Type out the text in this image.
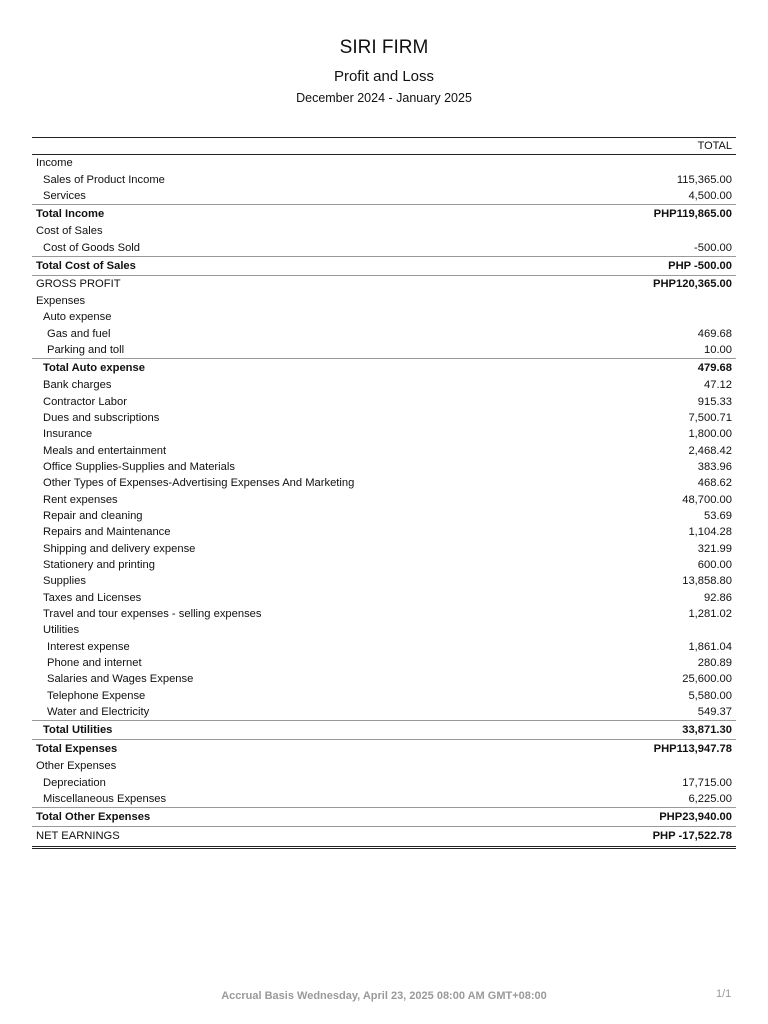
SIRI FIRM
Profit and Loss
December 2024 - January 2025
TOTAL
Income
Sales of Product Income	115,365.00
Services	4,500.00
Total Income	PHP119,865.00
Cost of Sales
Cost of Goods Sold	-500.00
Total Cost of Sales	PHP -500.00
GROSS PROFIT	PHP120,365.00
Expenses
Auto expense
Gas and fuel	469.68
Parking and toll	10.00
Total Auto expense	479.68
Bank charges	47.12
Contractor Labor	915.33
Dues and subscriptions	7,500.71
Insurance	1,800.00
Meals and entertainment	2,468.42
Office Supplies-Supplies and Materials	383.96
Other Types of Expenses-Advertising Expenses And Marketing	468.62
Rent expenses	48,700.00
Repair and cleaning	53.69
Repairs and Maintenance	1,104.28
Shipping and delivery expense	321.99
Stationery and printing	600.00
Supplies	13,858.80
Taxes and Licenses	92.86
Travel and tour expenses - selling expenses	1,281.02
Utilities
Interest expense	1,861.04
Phone and internet	280.89
Salaries and Wages Expense	25,600.00
Telephone Expense	5,580.00
Water and Electricity	549.37
Total Utilities	33,871.30
Total Expenses	PHP113,947.78
Other Expenses
Depreciation	17,715.00
Miscellaneous Expenses	6,225.00
Total Other Expenses	PHP23,940.00
NET EARNINGS	PHP -17,522.78
Accrual Basis Wednesday, April 23, 2025 08:00 AM GMT+08:00	1/1
